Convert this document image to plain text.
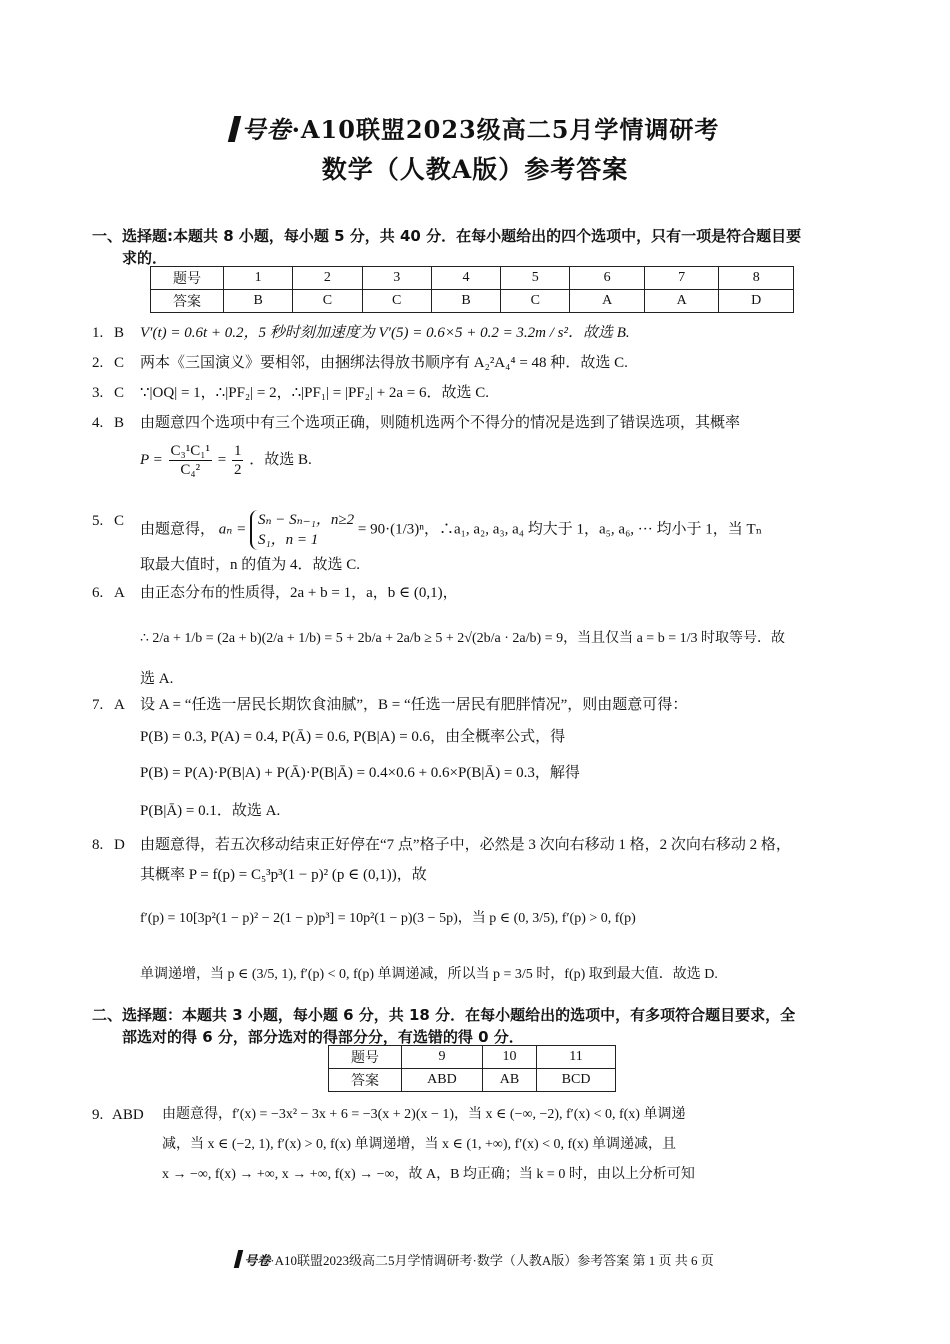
号卷·A10联盟2023级高二5月学情调研考
数学（人教A版）参考答案
一、选择题:本题共 8 小题，每小题 5 分，共 40 分．在每小题给出的四个选项中，只有一项是符合题目要
求的．
题号	1	2	3	4	5	6	7	8
答案	B	C	C	B	C	A	A	D
1. B V′(t) = 0.6t + 0.2，5 秒时刻加速度为 V′(5) = 0.6×5 + 0.2 = 3.2m / s²．故选 B.
2. C 两本《三国演义》要相邻，由捆绑法得放书顺序有 A₂²A₄⁴ = 48 种．故选 C.
3. C ∵|OQ| = 1，∴|PF₂| = 2，∴|PF₁| = |PF₂| + 2a = 6．故选 C.
4. B 由题意四个选项中有三个选项正确，则随机选两个不得分的情况是选到了错误选项，其概率
$P = \frac{\text{C₃¹C₁¹}}{\text{C₄²}} = \frac{1}{2}$ ．故选 B.
5. C
由题意得， aₙ =
Sₙ − Sₙ₋₁，n≥2
S₁，n = 1
= 90·(1/3)ⁿ，∴a₁, a₂, a₃, a₄ 均大于 1，a₅, a₆, ··· 均小于 1，当 Tₙ
取最大值时，n 的值为 4．故选 C.
6. A 由正态分布的性质得，2a + b = 1，a，b ∈ (0,1)，
∴ 2/a + 1/b = (2a + b)(2/a + 1/b) = 5 + 2b/a + 2a/b ≥ 5 + 2√(2b/a · 2a/b) = 9，当且仅当 a = b = 1/3 时取等号．故
选 A.
7. A 设 A = “任选一居民长期饮食油腻”，B = “任选一居民有肥胖情况”，则由题意可得：
P(B) = 0.3, P(A) = 0.4, P(Ā) = 0.6, P(B|A) = 0.6，由全概率公式，得
P(B) = P(A)·P(B|A) + P(Ā)·P(B|Ā) = 0.4×0.6 + 0.6×P(B|Ā) = 0.3，解得
P(B|Ā) = 0.1．故选 A.
8. D 由题意得，若五次移动结束正好停在“7 点”格子中，必然是 3 次向右移动 1 格，2 次向右移动 2 格，
其概率 P = f(p) = C₅³p³(1 − p)² (p ∈ (0,1))，故
f′(p) = 10[3p²(1 − p)² − 2(1 − p)p³] = 10p²(1 − p)(3 − 5p)，当 p ∈ (0, 3/5), f′(p) > 0, f(p)
单调递增，当 p ∈ (3/5, 1), f′(p) < 0, f(p) 单调递减，所以当 p = 3/5 时，f(p) 取到最大值．故选 D.
二、选择题：本题共 3 小题，每小题 6 分，共 18 分．在每小题给出的选项中，有多项符合题目要求，全
部选对的得 6 分，部分选对的得部分分，有选错的得 0 分．
题号	9	10	11
答案	ABD	AB	BCD
9. ABD 由题意得，f′(x) = −3x² − 3x + 6 = −3(x + 2)(x − 1)，当 x ∈ (−∞, −2), f′(x) < 0, f(x) 单调递
减，当 x ∈ (−2, 1), f′(x) > 0, f(x) 单调递增，当 x ∈ (1, +∞), f′(x) < 0, f(x) 单调递减，且
x → −∞, f(x) → +∞, x → +∞, f(x) → −∞，故 A，B 均正确；当 k = 0 时，由以上分析可知
号卷·A10联盟2023级高二5月学情调研考·数学（人教A版）参考答案 第 1 页 共 6 页
